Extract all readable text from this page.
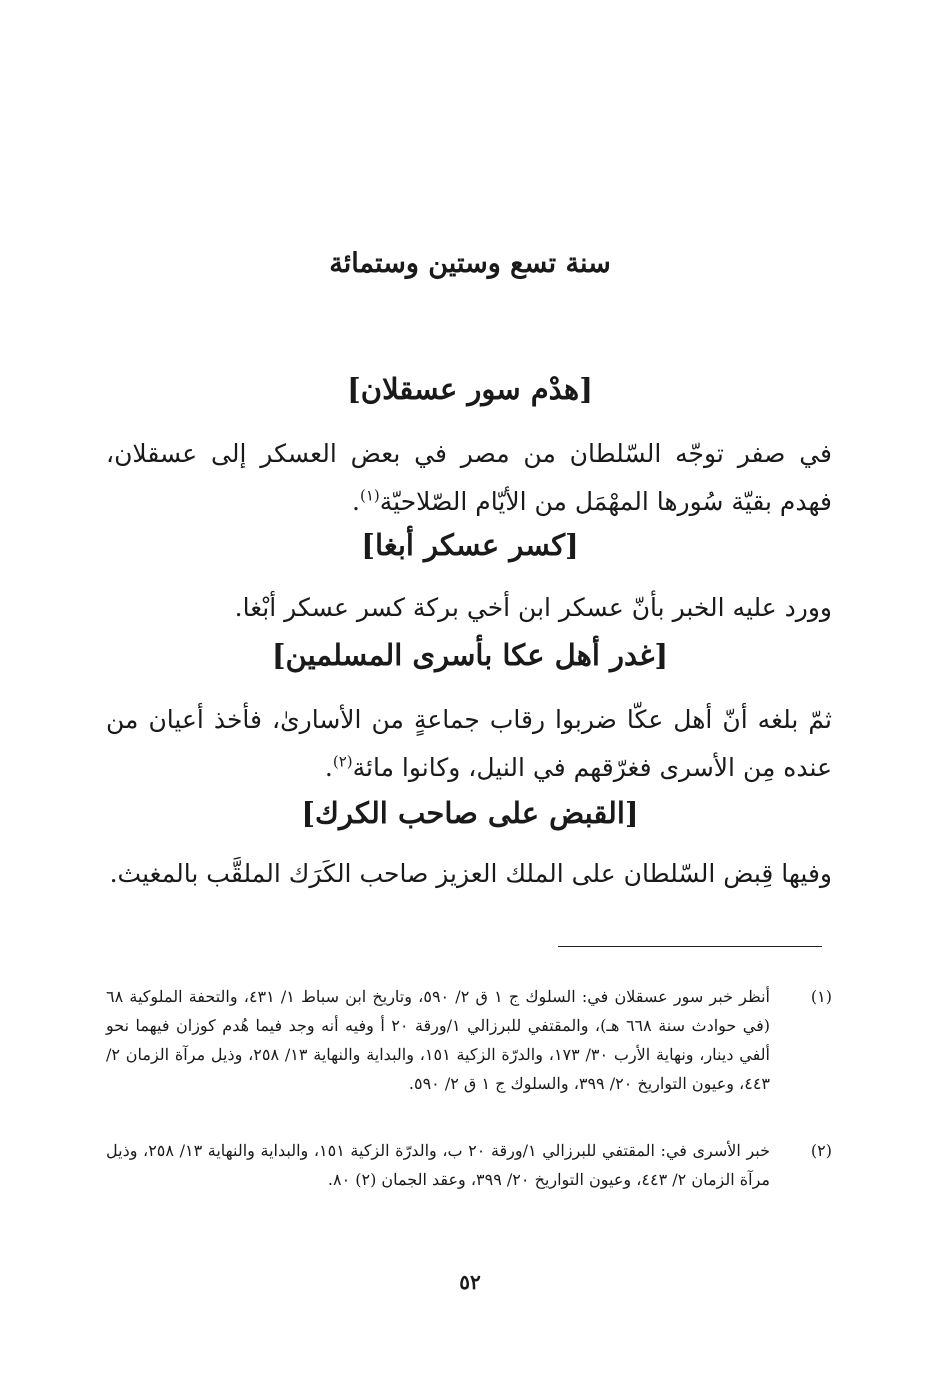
سنة تسع وستين وستمائة
[هدْم سور عسقلان]
في صفر توجّه السّلطان من مصر في بعض العسكر إلى عسقلان، فهدم بقيّة سُورها المهْمَل من الأيّام الصّلاحيّة$^{(١)}$.
[كسر عسكر أبغا]
وورد عليه الخبر بأنّ عسكر ابن أخي بركة كسر عسكر أبْغا.
[غدر أهل عكا بأسرى المسلمين]
ثمّ بلغه أنّ أهل عكّا ضربوا رقاب جماعةٍ من الأسارىٰ، فأخذ أعيان من عنده مِن الأسرى فغرّقهم في النيل، وكانوا مائة$^{(٢)}$.
[القبض على صاحب الكرك]
وفيها قِبض السّلطان على الملك العزيز صاحب الكَرَك الملقَّب بالمغيث.
(١)
أنظر خبر سور عسقلان في: السلوك ج ١ ق ٢/ ٥٩٠، وتاريخ ابن سباط ١/ ٤٣١، والتحفة الملوكية ٦٨ (في حوادث سنة ٦٦٨ هـ)، والمقتفي للبرزالي ١/ورقة ٢٠ أ وفيه أنه وجد فيما هُدم كوزان فيهما نحو ألفي دينار، ونهاية الأرب ٣٠/ ١٧٣، والدرّة الزكية ١٥١، والبداية والنهاية ١٣/ ٢٥٨، وذيل مرآة الزمان ٢/ ٤٤٣، وعيون التواريخ ٢٠/ ٣٩٩، والسلوك ج ١ ق ٢/ ٥٩٠.
(٢)
خبر الأسرى في: المقتفي للبرزالي ١/ورقة ٢٠ ب، والدرّة الزكية ١٥١، والبداية والنهاية ١٣/ ٢٥٨، وذيل مرآة الزمان ٢/ ٤٤٣، وعيون التواريخ ٢٠/ ٣٩٩، وعقد الجمان (٢) ٨٠.
٥٢
